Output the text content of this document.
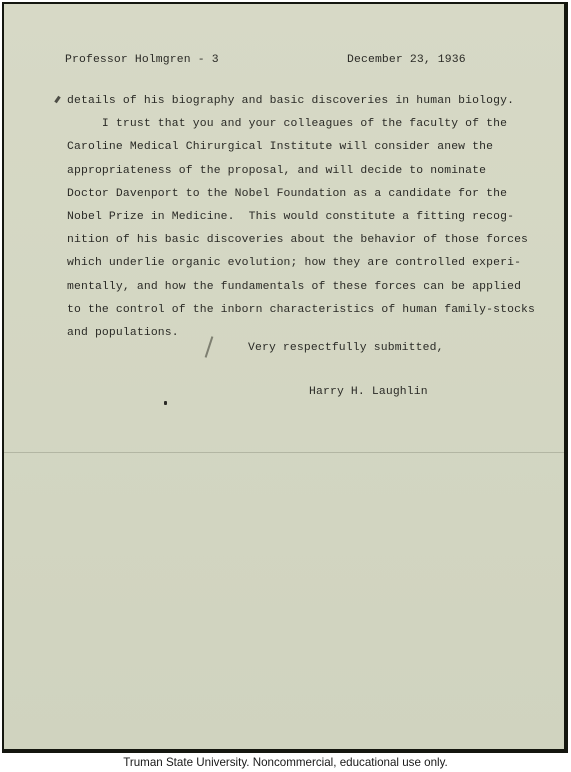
Professor Holmgren - 3	December 23, 1936
details of his biography and basic discoveries in human biology.
I trust that you and your colleagues of the faculty of the
Caroline Medical Chirurgical Institute will consider anew the
appropriateness of the proposal, and will decide to nominate
Doctor Davenport to the Nobel Foundation as a candidate for the
Nobel Prize in Medicine.  This would constitute a fitting recog-
nition of his basic discoveries about the behavior of those forces
which underlie organic evolution; how they are controlled experi-
mentally, and how the fundamentals of these forces can be applied
to the control of the inborn characteristics of human family-stocks
and populations.
Very respectfully submitted,
Harry H. Laughlin
Truman State University. Noncommercial, educational use only.
